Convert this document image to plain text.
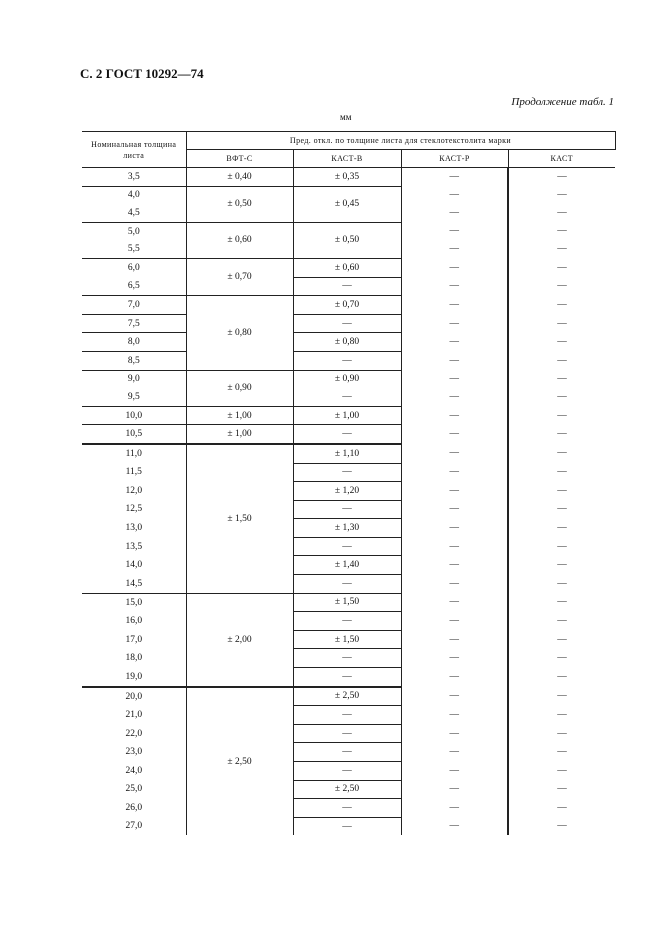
С. 2 ГОСТ 10292—74
Продолжение табл. 1
мм
Номинальная толщина листа	Пред. откл. по толщине листа для стеклотекстолита марки			
	ВФТ-С	КАСТ-В	КАСТ-Р	КАСТ
3,5	± 0,40	± 0,35	—	—
4,0	± 0,50	± 0,45	—	—
4,5			—	—
5,0	± 0,60	± 0,50	—	—
5,5			—	—
6,0	± 0,70	± 0,60	—	—
6,5		—	—	—
7,0	± 0,80	± 0,70	—	—
7,5		—	—	—
8,0		± 0,80	—	—
8,5		—	—	—
9,0	± 0,90	± 0,90	—	—
9,5		—	—	—
10,0	± 1,00	± 1,00	—	—
10,5	± 1,00	—	—	—
11,0	± 1,50	± 1,10	—	—
11,5		—	—	—
12,0		± 1,20	—	—
12,5		—	—	—
13,0		± 1,30	—	—
13,5		—	—	—
14,0		± 1,40	—	—
14,5		—	—	—
15,0	± 2,00	± 1,50	—	—
16,0		—	—	—
17,0		± 1,50	—	—
18,0		—	—	—
19,0		—	—	—
20,0	± 2,50	± 2,50	—	—
21,0		—	—	—
22,0		—	—	—
23,0		—	—	—
24,0		—	—	—
25,0		± 2,50	—	—
26,0		—	—	—
27,0		—	—	—
